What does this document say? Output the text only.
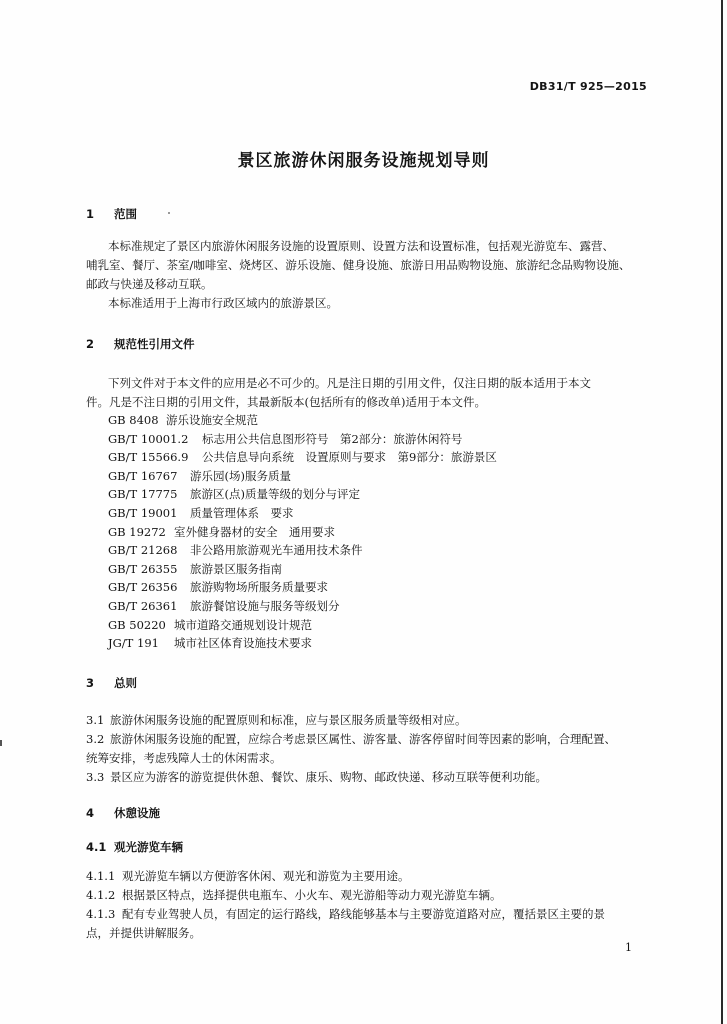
DB31/T 925—2015
景区旅游休闲服务设施规划导则
1 范围
本标准规定了景区内旅游休闲服务设施的设置原则、设置方法和设置标准，包括观光游览车、露营、
哺乳室、餐厅、茶室/咖啡室、烧烤区、游乐设施、健身设施、旅游日用品购物设施、旅游纪念品购物设施、
邮政与快递及移动互联。
本标准适用于上海市行政区域内的旅游景区。
2 规范性引用文件
下列文件对于本文件的应用是必不可少的。凡是注日期的引用文件，仅注日期的版本适用于本文
件。凡是不注日期的引用文件，其最新版本(包括所有的修改单)适用于本文件。
GB 8408 游乐设施安全规范
GB/T 10001.2 标志用公共信息图形符号　第2部分：旅游休闲符号
GB/T 15566.9 公共信息导向系统　设置原则与要求　第9部分：旅游景区
GB/T 16767 游乐园(场)服务质量
GB/T 17775 旅游区(点)质量等级的划分与评定
GB/T 19001 质量管理体系　要求
GB 19272 室外健身器材的安全　通用要求
GB/T 21268 非公路用旅游观光车通用技术条件
GB/T 26355 旅游景区服务指南
GB/T 26356 旅游购物场所服务质量要求
GB/T 26361 旅游餐馆设施与服务等级划分
GB 50220 城市道路交通规划设计规范
JG/T 191 城市社区体育设施技术要求
3 总则
3.1 旅游休闲服务设施的配置原则和标准，应与景区服务质量等级相对应。
3.2 旅游休闲服务设施的配置，应综合考虑景区属性、游客量、游客停留时间等因素的影响，合理配置、
统筹安排，考虑残障人士的休闲需求。
3.3 景区应为游客的游览提供休憩、餐饮、康乐、购物、邮政快递、移动互联等便利功能。
4 休憩设施
4.1 观光游览车辆
4.1.1 观光游览车辆以方便游客休闲、观光和游览为主要用途。
4.1.2 根据景区特点，选择提供电瓶车、小火车、观光游船等动力观光游览车辆。
4.1.3 配有专业驾驶人员，有固定的运行路线，路线能够基本与主要游览道路对应，覆括景区主要的景
点，并提供讲解服务。
1
